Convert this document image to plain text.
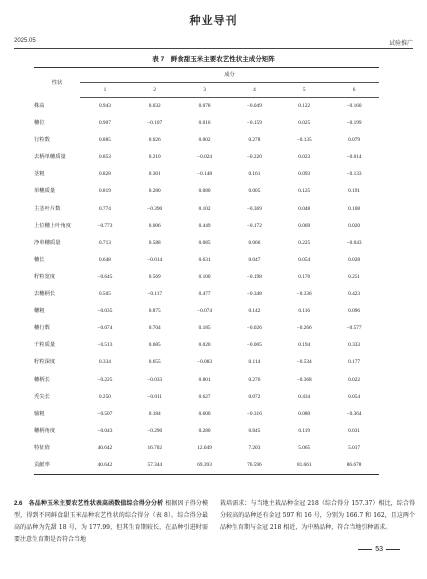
种业导刊
2025.05	试验推广
表 7　鲜食甜玉米主要农艺性状主成分矩阵
性状	成分					
	1	2	3	4	5	6
株高	0.943	0.032	0.078	−0.049	0.122	−0.160
穗位	0.907	−0.107	0.016	−0.159	0.025	−0.199
行粒数	0.885	0.026	0.002	0.278	−0.135	0.079
去柄单穗质量	0.853	0.210	−0.024	−0.220	0.023	−0.014
茎粗	0.828	0.301	−0.148	0.161	0.093	−0.133
单穗质量	0.819	0.280	0.080	0.005	0.125	0.191
主茎叶片数	0.774	−0.390	0.102	−0.369	0.048	0.108
上位穗上叶角度	−0.773	0.006	0.449	−0.172	0.069	0.020
净单穗质量	0.713	0.588	0.085	0.066	0.225	−0.043
穗长	0.648	−0.014	0.631	0.047	0.054	0.028
籽粒宽度	−0.645	0.569	0.100	−0.198	0.170	0.251
去穗柄长	0.505	−0.117	0.477	−0.348	−0.336	0.423
穗粗	−0.035	0.875	−0.074	0.142	0.116	0.096
穗行数	−0.074	0.704	0.185	−0.026	−0.266	−0.577
千粒质量	−0.513	0.685	0.020	−0.005	0.194	0.333
籽粒深度	0.334	0.655	−0.083	0.114	−0.534	0.177
穗柄长	−0.225	−0.033	0.801	0.276	−0.368	0.022
秃尖长	0.250	−0.011	0.627	0.072	0.434	0.054
轴粗	−0.507	0.184	0.600	−0.316	0.080	−0.364
穗柄角度	−0.043	−0.290	0.280	0.845	0.119	0.031
特征值	40.642	16.702	12.049	7.203	5.065	5.017
贡献率	40.642	57.344	69.393	76.596	81.661	86.678
2.6　各品种玉米主要农艺性状表高函数值综合得分分析 根据因子得分模型，得到不同鲜食甜玉米品种农艺性状的综合得分（表 8）。综合得分最高的品种为先甜 18 号，为 177.99，但其生育期较长，在品种引进时需要注意生育期是否符合当地
栽培需求；与当地主栽品种金冠 218（综合得分 157.37）相比，综合得分较高的品种还有金冠 597 和 16 号，分别为 166.7 和 162，且这两个品种生育期与金冠 218 相近，为中熟品种，符合当地引种需求。
53
